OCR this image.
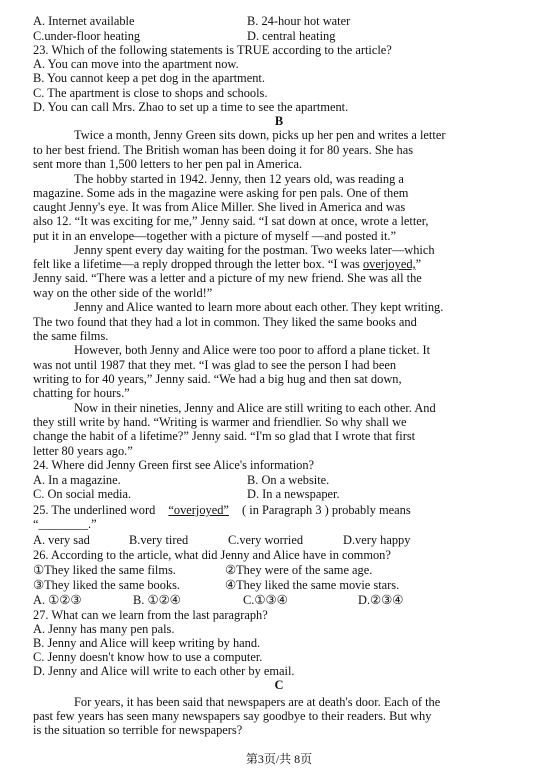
A. Internet available	B. 24-hour hot water
C.under-floor heating	D. central heating
23. Which of the following statements is TRUE according to the article?
A. You can move into the apartment now.
B. You cannot keep a pet dog in the apartment.
C. The apartment is close to shops and schools.
D. You can call Mrs. Zhao to set up a time to see the apartment.
B
Twice a month, Jenny Green sits down, picks up her pen and writes a letter
to her best friend. The British woman has been doing it for 80 years. She has
sent more than 1,500 letters to her pen pal in America.
The hobby started in 1942. Jenny, then 12 years old, was reading a
magazine. Some ads in the magazine were asking for pen pals. One of them
caught Jenny's eye. It was from Alice Miller. She lived in America and was
also 12. “It was exciting for me,” Jenny said. “I sat down at once, wrote a letter,
put it in an envelope—together with a picture of myself —and posted it.”
Jenny spent every day waiting for the postman. Two weeks later—which
felt like a lifetime—a reply dropped through the letter box. “I was overjoyed,”
Jenny said. “There was a letter and a picture of my new friend. She was all the
way on the other side of the world!”
Jenny and Alice wanted to learn more about each other. They kept writing.
The two found that they had a lot in common. They liked the same books and
the same films.
However, both Jenny and Alice were too poor to afford a plane ticket. It
was not until 1987 that they met. “I was glad to see the person I had been
writing to for 40 years,” Jenny said. “We had a big hug and then sat down,
chatting for hours.”
Now in their nineties, Jenny and Alice are still writing to each other. And
they still write by hand. “Writing is warmer and friendlier. So why shall we
change the habit of a lifetime?” Jenny said. “I'm so glad that I wrote that first
letter 80 years ago.”
24. Where did Jenny Green first see Alice's information?
A. In a magazine.	B. On a website.
C. On social media.	D. In a newspaper.
25. The underlined word “overjoyed” ( in Paragraph 3 ) probably means
“________.”
A. very sad	B.very tired	C.very worried	D.very happy
26. According to the article, what did Jenny and Alice have in common?
①They liked the same films.	②They were of the same age.
③They liked the same books.	④They liked the same movie stars.
A. ①②③	B. ①②④	C.①③④	D.②③④
27. What can we learn from the last paragraph?
A. Jenny has many pen pals.
B. Jenny and Alice will keep writing by hand.
C. Jenny doesn't know how to use a computer.
D. Jenny and Alice will write to each other by email.
C
For years, it has been said that newspapers are at death's door. Each of the
past few years has seen many newspapers say goodbye to their readers. But why
is the situation so terrible for newspapers?
第3页/共 8页
